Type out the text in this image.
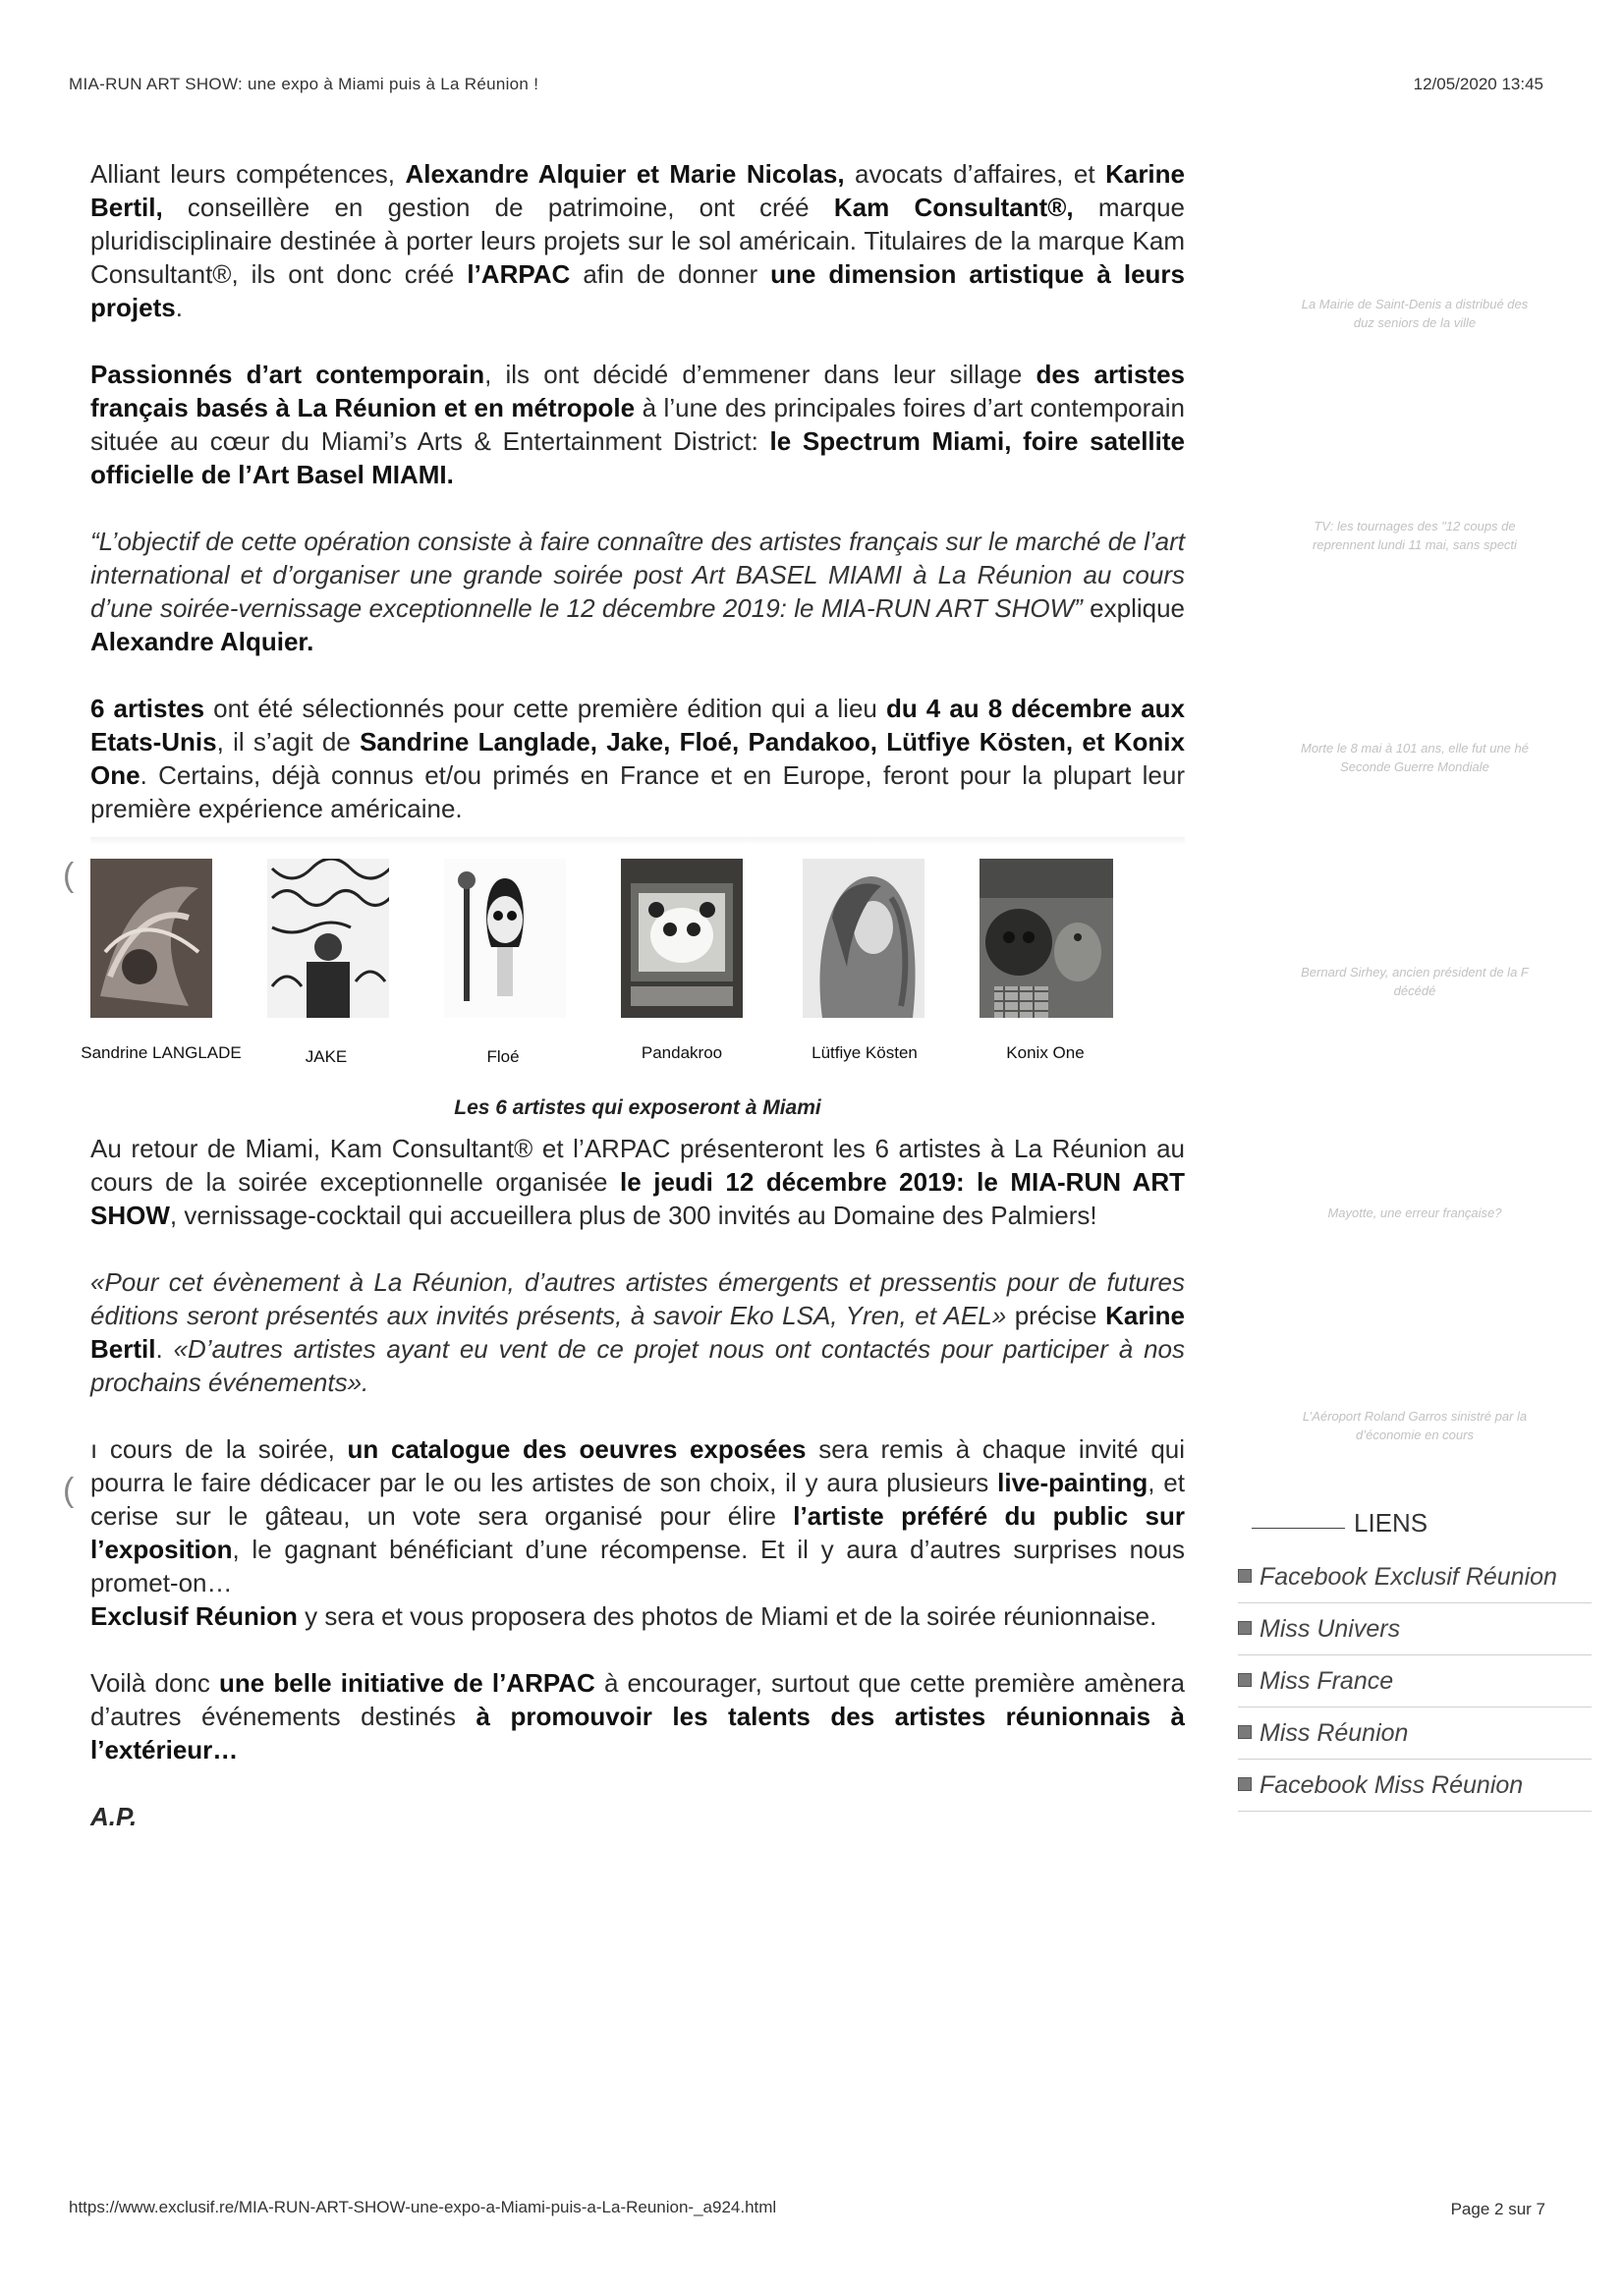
MIA-RUN ART SHOW: une expo à Miami puis à La Réunion !	12/05/2020 13:45

Alliant leurs compétences, Alexandre Alquier et Marie Nicolas, avocats d’affaires, et Karine Bertil, conseillère en gestion de patrimoine, ont créé Kam Consultant®, marque pluridisciplinaire destinée à porter leurs projets sur le sol américain. Titulaires de la marque Kam Consultant®, ils ont donc créé l’ARPAC afin de donner une dimension artistique à leurs projets.

Passionnés d’art contemporain, ils ont décidé d’emmener dans leur sillage des artistes français basés à La Réunion et en métropole à l’une des principales foires d’art contemporain située au cœur du Miami’s Arts & Entertainment District: le Spectrum Miami, foire satellite officielle de l’Art Basel MIAMI.

“L’objectif de cette opération consiste à faire connaître des artistes français sur le marché de l’art international et d’organiser une grande soirée post Art BASEL MIAMI à La Réunion au cours d’une soirée-vernissage exceptionnelle le 12 décembre 2019: le MIA-RUN ART SHOW” explique Alexandre Alquier.

6 artistes ont été sélectionnés pour cette première édition qui a lieu du 4 au 8 décembre aux Etats-Unis, il s’agit de Sandrine Langlade, Jake, Floé, Pandakoo, Lütfiye Kösten, et Konix One. Certains, déjà connus et/ou primés en France et en Europe, feront pour la plupart leur première expérience américaine.

Sandrine LANGLADE	JAKE	Floé	Pandakroo	Lütfiye Kösten	Konix One
Les 6 artistes qui exposeront à Miami

Au retour de Miami, Kam Consultant® et l’ARPAC présenteront les 6 artistes à La Réunion au cours de la soirée exceptionnelle organisée le jeudi 12 décembre 2019: le MIA-RUN ART SHOW, vernissage-cocktail qui accueillera plus de 300 invités au Domaine des Palmiers!

«Pour cet évènement à La Réunion, d’autres artistes émergents et pressentis pour de futures éditions seront présentés aux invités présents, à savoir Eko LSA, Yren, et AEL» précise Karine Bertil. «D’autres artistes ayant eu vent de ce projet nous ont contactés pour participer à nos prochains événements».

ı cours de la soirée, un catalogue des oeuvres exposées sera remis à chaque invité qui pourra le faire dédicacer par le ou les artistes de son choix, il y aura plusieurs live-painting, et cerise sur le gâteau, un vote sera organisé pour élire l’artiste préféré du public sur l’exposition, le gagnant bénéficiant d’une récompense. Et il y aura d’autres surprises nous promet-on…

Exclusif Réunion y sera et vous proposera des photos de Miami et de la soirée réunionnaise.

Voilà donc une belle initiative de l’ARPAC à encourager, surtout que cette première amènera d’autres événements destinés à promouvoir les talents des artistes réunionnais à l’extérieur…

A.P.

(
(
La Mairie de Saint-Denis a distribué des
duz seniors de la ville
TV: les tournages des "12 coups de
reprennent lundi 11 mai, sans specti
Morte le 8 mai à 101 ans, elle fut une hé
Seconde Guerre Mondiale
Bernard Sirhey, ancien président de la F
décédé
Mayotte, une erreur française?
L’Aéroport Roland Garros sinistré par la
d’économie en cours
LIENS
Facebook Exclusif Réunion
Miss Univers
Miss France
Miss Réunion
Facebook Miss Réunion
https://www.exclusif.re/MIA-RUN-ART-SHOW-une-expo-a-Miami-puis-a-La-Reunion-_a924.html	Page 2 sur 7
